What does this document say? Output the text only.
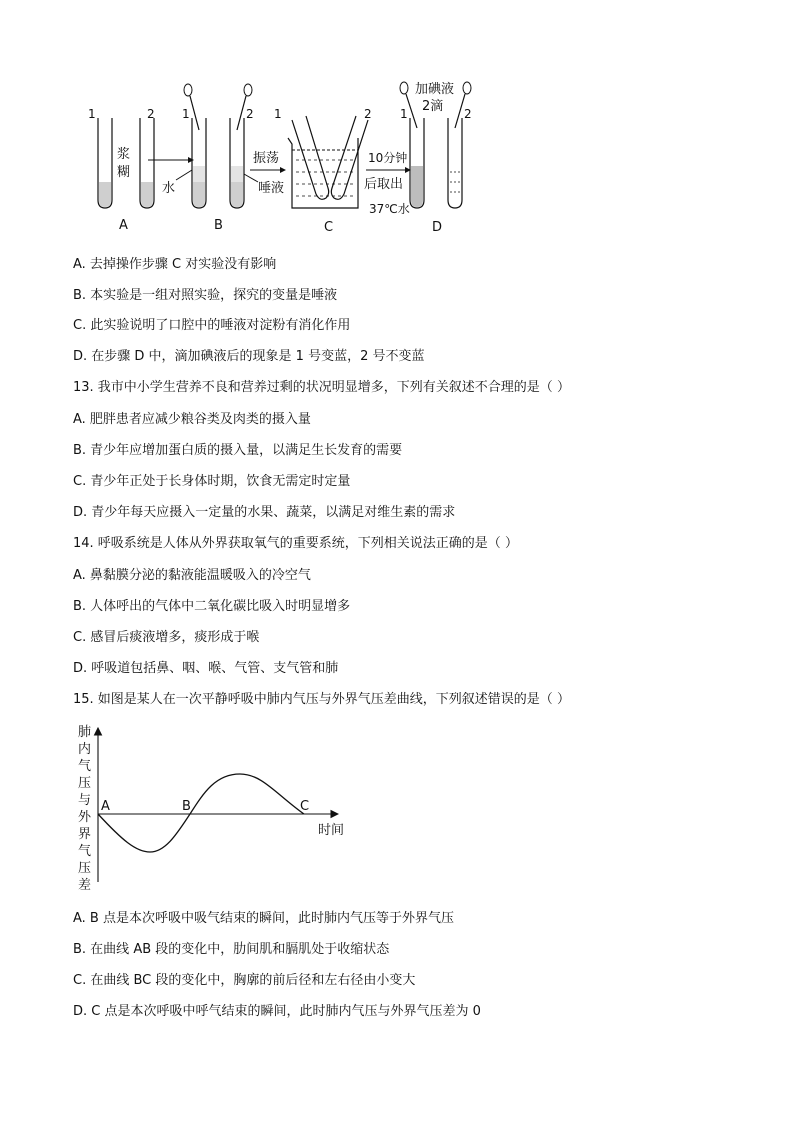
1	2
浆
糊
A
1	2
水	唾液
振荡
B
1	2
37℃水
C
10分钟
后取出
1	2
加碘液
2滴
D
A. 去掉操作步骤 C 对实验没有影响
B. 本实验是一组对照实验，探究的变量是唾液
C. 此实验说明了口腔中的唾液对淀粉有消化作用
D. 在步骤 D 中，滴加碘液后的现象是 1 号变蓝，2 号不变蓝
13. 我市中小学生营养不良和营养过剩的状况明显增多，下列有关叙述不合理的是（ ）
A. 肥胖患者应减少粮谷类及肉类的摄入量
B. 青少年应增加蛋白质的摄入量，以满足生长发育的需要
C. 青少年正处于长身体时期，饮食无需定时定量
D. 青少年每天应摄入一定量的水果、蔬菜，以满足对维生素的需求
14. 呼吸系统是人体从外界获取氧气的重要系统，下列相关说法正确的是（ ）
A. 鼻黏膜分泌的黏液能温暖吸入的冷空气
B. 人体呼出的气体中二氧化碳比吸入时明显增多
C. 感冒后痰液增多，痰形成于喉
D. 呼吸道包括鼻、咽、喉、气管、支气管和肺
15. 如图是某人在一次平静呼吸中肺内气压与外界气压差曲线，下列叙述错误的是（ ）
肺
内
气
压
与
外
界
气
压
差
A	B	C
时间
A. B 点是本次呼吸中吸气结束的瞬间，此时肺内气压等于外界气压
B. 在曲线 AB 段的变化中，肋间肌和膈肌处于收缩状态
C. 在曲线 BC 段的变化中，胸廓的前后径和左右径由小变大
D. C 点是本次呼吸中呼气结束的瞬间，此时肺内气压与外界气压差为 0
